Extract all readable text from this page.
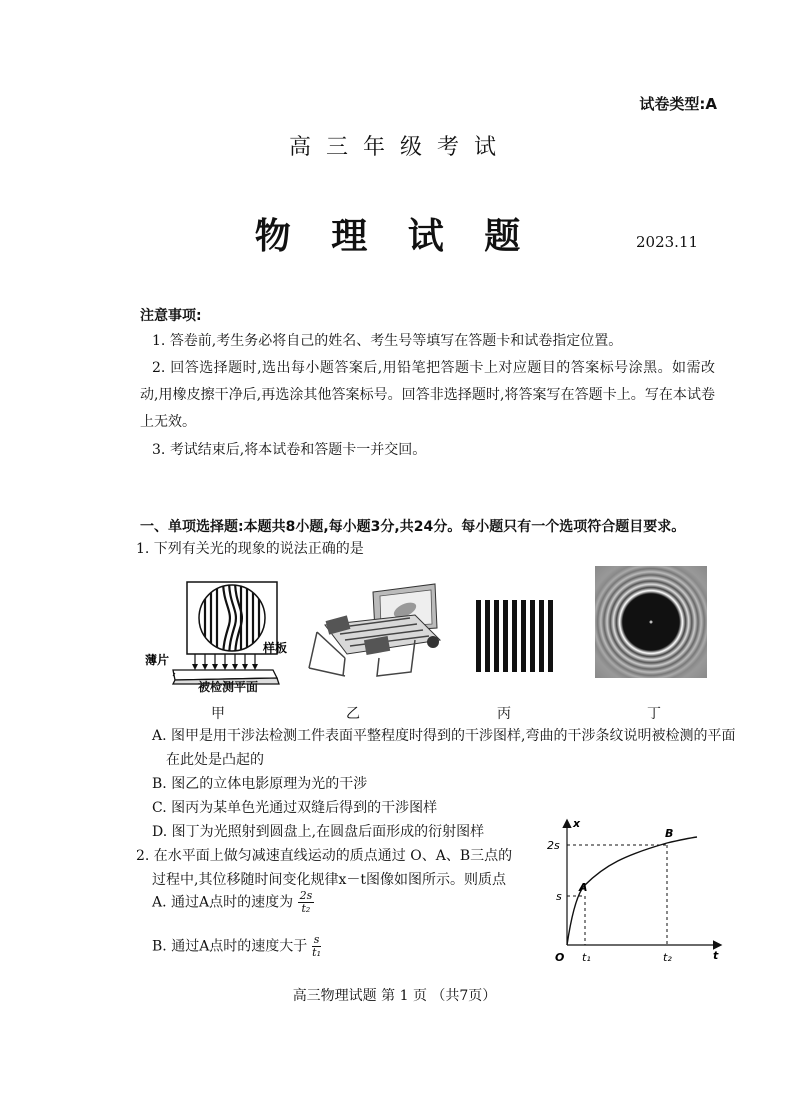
试卷类型:A
高 三 年 级 考 试
物 理 试 题	2023.11
注意事项:
1. 答卷前,考生务必将自己的姓名、考生号等填写在答题卡和试卷指定位置。
2. 回答选择题时,选出每小题答案后,用铅笔把答题卡上对应题目的答案标号涂黑。如需改动,用橡皮擦干净后,再选涂其他答案标号。回答非选择题时,将答案写在答题卡上。写在本试卷上无效。
3. 考试结束后,将本试卷和答题卡一并交回。
一、单项选择题:本题共8小题,每小题3分,共24分。每小题只有一个选项符合题目要求。
1. 下列有关光的现象的说法正确的是
薄片
样板
被检测平面
甲	乙	丙	丁
A. 图甲是用干涉法检测工件表面平整程度时得到的干涉图样,弯曲的干涉条纹说明被检测的平面在此处是凸起的
B. 图乙的立体电影原理为光的干涉
C. 图丙为某单色光通过双缝后得到的干涉图样
D. 图丁为光照射到圆盘上,在圆盘后面形成的衍射图样
2. 在水平面上做匀减速直线运动的质点通过 O、A、B三点的
过程中,其位移随时间变化规律x－t图像如图所示。则质点
A. 通过A点时的速度为 $\frac{2s}{\text{t₂}}$
B. 通过A点时的速度大于 $\frac{s}{\text{t₁}}$
x
t
O
s
2s
t₁	t₂
A
B
高三物理试题 第 1 页 （共7页）
